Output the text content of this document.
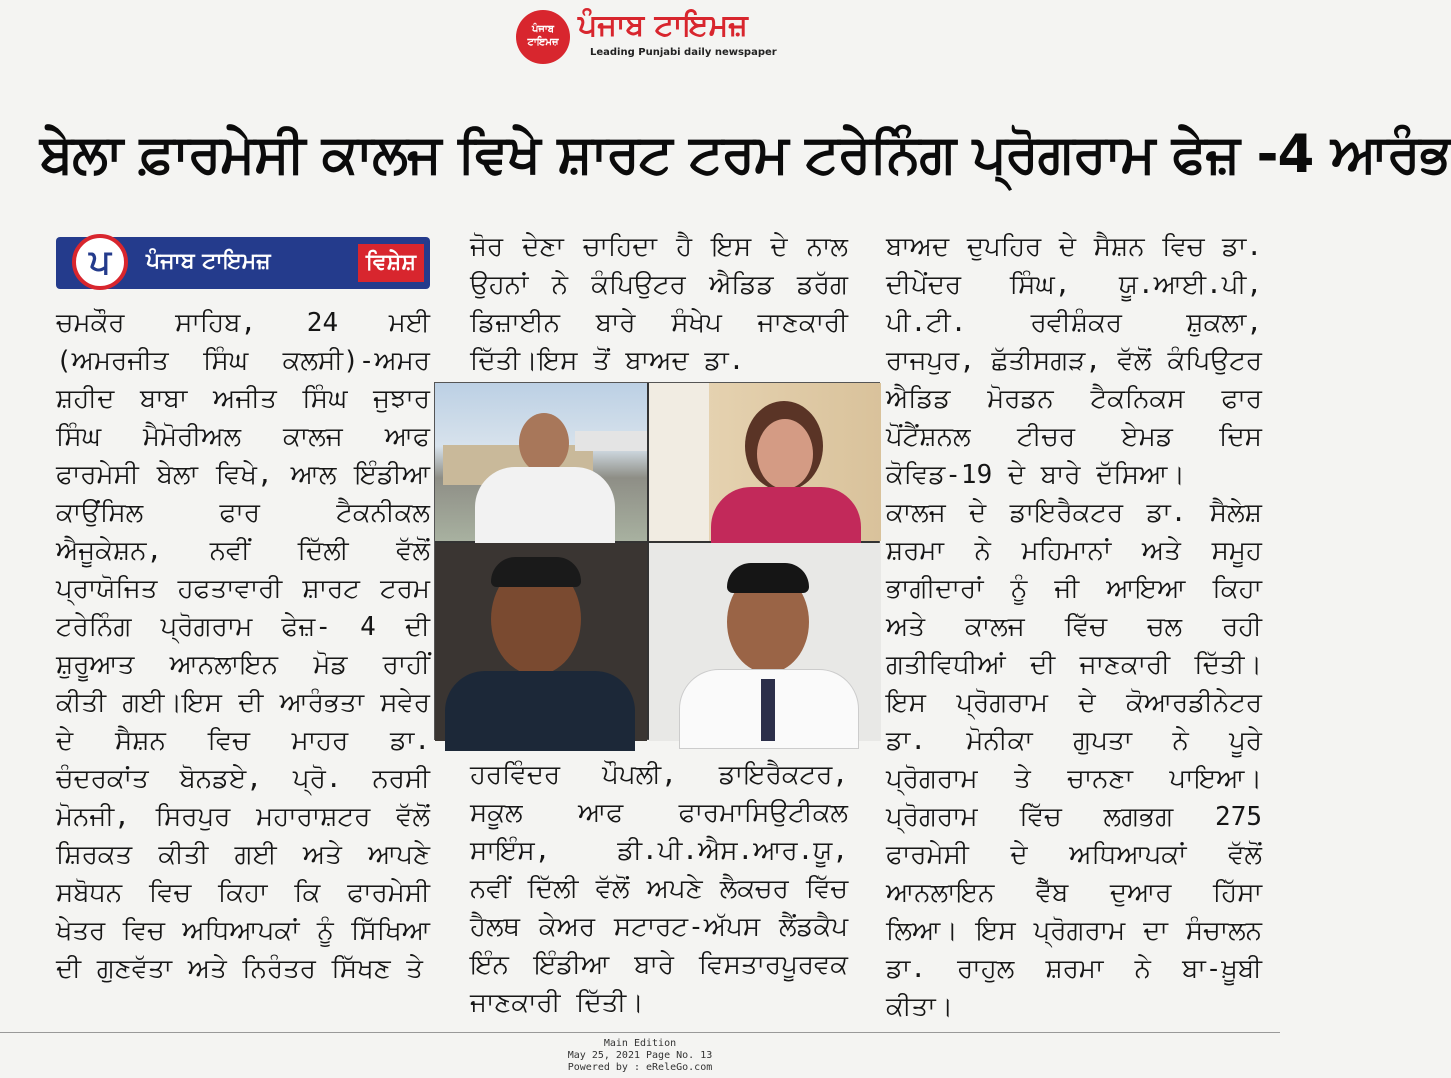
ਪੰਜਾਬ ਟਾਇਮਜ਼ ਪੰਜਾਬ ਟਾਇਮਜ਼
Leading Punjabi daily newspaper
ਬੇਲਾ ਫ਼ਾਰਮੇਸੀ ਕਾਲਜ ਵਿਖੇ ਸ਼ਾਰਟ ਟਰਮ ਟਰੇਨਿੰਗ ਪ੍ਰੋਗਰਾਮ ਫੇਜ਼ -4 ਆਰੰਭ
ਪ	ਪੰਜਾਬ ਟਾਇਮਜ਼	ਵਿਸ਼ੇਸ਼

ਚਮਕੌਰ ਸਾਹਿਬ, 24 ਮਈ (ਅਮਰਜੀਤ ਸਿੰਘ ਕਲਸੀ)-ਅਮਰ ਸ਼ਹੀਦ ਬਾਬਾ ਅਜੀਤ ਸਿੰਘ ਜੁਝਾਰ ਸਿੰਘ ਮੈਮੋਰੀਅਲ ਕਾਲਜ ਆਫ ਫਾਰਮੇਸੀ ਬੇਲਾ ਵਿਖੇ, ਆਲ ਇੰਡੀਆ ਕਾਉਂਸਿਲ ਫਾਰ ਟੈਕਨੀਕਲ ਐਜੂਕੇਸ਼ਨ, ਨਵੀਂ ਦਿੱਲੀ ਵੱਲੋਂ ਪ੍ਰਾਯੋਜਿਤ ਹਫਤਾਵਾਰੀ ਸ਼ਾਰਟ ਟਰਮ ਟਰੇਨਿੰਗ ਪ੍ਰੋਗਰਾਮ ਫੇਜ਼- 4 ਦੀ ਸ਼ੁਰੂਆਤ ਆਨਲਾਇਨ ਮੋਡ ਰਾਹੀਂ ਕੀਤੀ ਗਈ।ਇਸ ਦੀ ਆਰੰਭਤਾ ਸਵੇਰ ਦੇ ਸੈਸ਼ਨ ਵਿਚ ਮਾਹਰ ਡਾ. ਚੰਦਰਕਾਂਤ ਬੋਨਡਏ, ਪ੍ਰੋ. ਨਰਸੀ ਮੋਨਜੀ, ਸਿਰਪੁਰ ਮਹਾਰਾਸ਼ਟਰ ਵੱਲੋਂ ਸ਼ਿਰਕਤ ਕੀਤੀ ਗਈ ਅਤੇ ਆਪਣੇ ਸਬੋਧਨ ਵਿਚ ਕਿਹਾ ਕਿ ਫਾਰਮੇਸੀ ਖੇਤਰ ਵਿਚ ਅਧਿਆਪਕਾਂ ਨੂੰ ਸਿੱਖਿਆ ਦੀ ਗੁਣਵੱਤਾ ਅਤੇ ਨਿਰੰਤਰ ਸਿੱਖਣ ਤੇ

ਜੋਰ ਦੇਣਾ ਚਾਹਿਦਾ ਹੈ ਇਸ ਦੇ ਨਾਲ ਉਹਨਾਂ ਨੇ ਕੰਪਿਉਟਰ ਐਡਿਡ ਡਰੱਗ ਡਿਜ਼ਾਈਨ ਬਾਰੇ ਸੰਖੇਪ ਜਾਣਕਾਰੀ ਦਿੱਤੀ।ਇਸ ਤੋਂ ਬਾਅਦ ਡਾ.

ਹਰਵਿੰਦਰ ਪੌਪਲੀ, ਡਾਇਰੈਕਟਰ, ਸਕੂਲ ਆਫ ਫਾਰਮਾਸਿਉਟੀਕਲ ਸਾਇੰਸ, ਡੀ.ਪੀ.ਐਸ.ਆਰ.ਯੂ, ਨਵੀਂ ਦਿੱਲੀ ਵੱਲੋਂ ਅਪਣੇ ਲੈਕਚਰ ਵਿੱਚ ਹੈਲਥ ਕੇਅਰ ਸਟਾਰਟ-ਅੱਪਸ ਲੈਂਡਕੈਪ ਇੰਨ ਇੰਡੀਆ ਬਾਰੇ ਵਿਸਤਾਰਪੂਰਵਕ ਜਾਣਕਾਰੀ ਦਿੱਤੀ।

ਬਾਅਦ ਦੁਪਹਿਰ ਦੇ ਸੈਸ਼ਨ ਵਿਚ ਡਾ. ਦੀਪੇਂਦਰ ਸਿੰਘ, ਯੂ.ਆਈ.ਪੀ, ਪੀ.ਟੀ. ਰਵੀਸ਼ੰਕਰ ਸ਼ੁਕਲਾ, ਰਾਜਪੁਰ, ਛੱਤੀਸਗੜ, ਵੱਲੋਂ ਕੰਪਿਉਟਰ ਐਡਿਡ ਮੋਰਡਨ ਟੈਕਨਿਕਸ ਫਾਰ ਪੋਂਟੈਂਸ਼ਨਲ ਟੀਚਰ ਏਮਡ ਦਿਸ ਕੋਵਿਡ-19 ਦੇ ਬਾਰੇ ਦੱਸਿਆ।
ਕਾਲਜ ਦੇ ਡਾਇਰੈਕਟਰ ਡਾ. ਸੈਲੇਸ਼ ਸ਼ਰਮਾ ਨੇ ਮਹਿਮਾਨਾਂ ਅਤੇ ਸਮੂਹ ਭਾਗੀਦਾਰਾਂ ਨੂੰ ਜੀ ਆਇਆ ਕਿਹਾ ਅਤੇ ਕਾਲਜ ਵਿੱਚ ਚਲ ਰਹੀ ਗਤੀਵਿਧੀਆਂ ਦੀ ਜਾਣਕਾਰੀ ਦਿੱਤੀ। ਇਸ ਪ੍ਰੋਗਰਾਮ ਦੇ ਕੋਆਰਡੀਨੇਟਰ ਡਾ. ਮੋਨੀਕਾ ਗੁਪਤਾ ਨੇ ਪੂਰੇ ਪ੍ਰੋਗਰਾਮ ਤੇ ਚਾਨਣਾ ਪਾਇਆ। ਪ੍ਰੋਗਰਾਮ ਵਿੱਚ ਲਗਭਗ 275 ਫਾਰਮੇਸੀ ਦੇ ਅਧਿਆਪਕਾਂ ਵੱਲੋਂ ਆਨਲਾਇਨ ਵੈੱਬ ਦੁਆਰ ਹਿੱਸਾ ਲਿਆ। ਇਸ ਪ੍ਰੋਗਰਾਮ ਦਾ ਸੰਚਾਲਨ ਡਾ. ਰਾਹੁਲ ਸ਼ਰਮਾ ਨੇ ਬਾ-ਖ਼ੂਬੀ ਕੀਤਾ।

Main Edition
May 25, 2021 Page No. 13
Powered by : eReleGo.com
